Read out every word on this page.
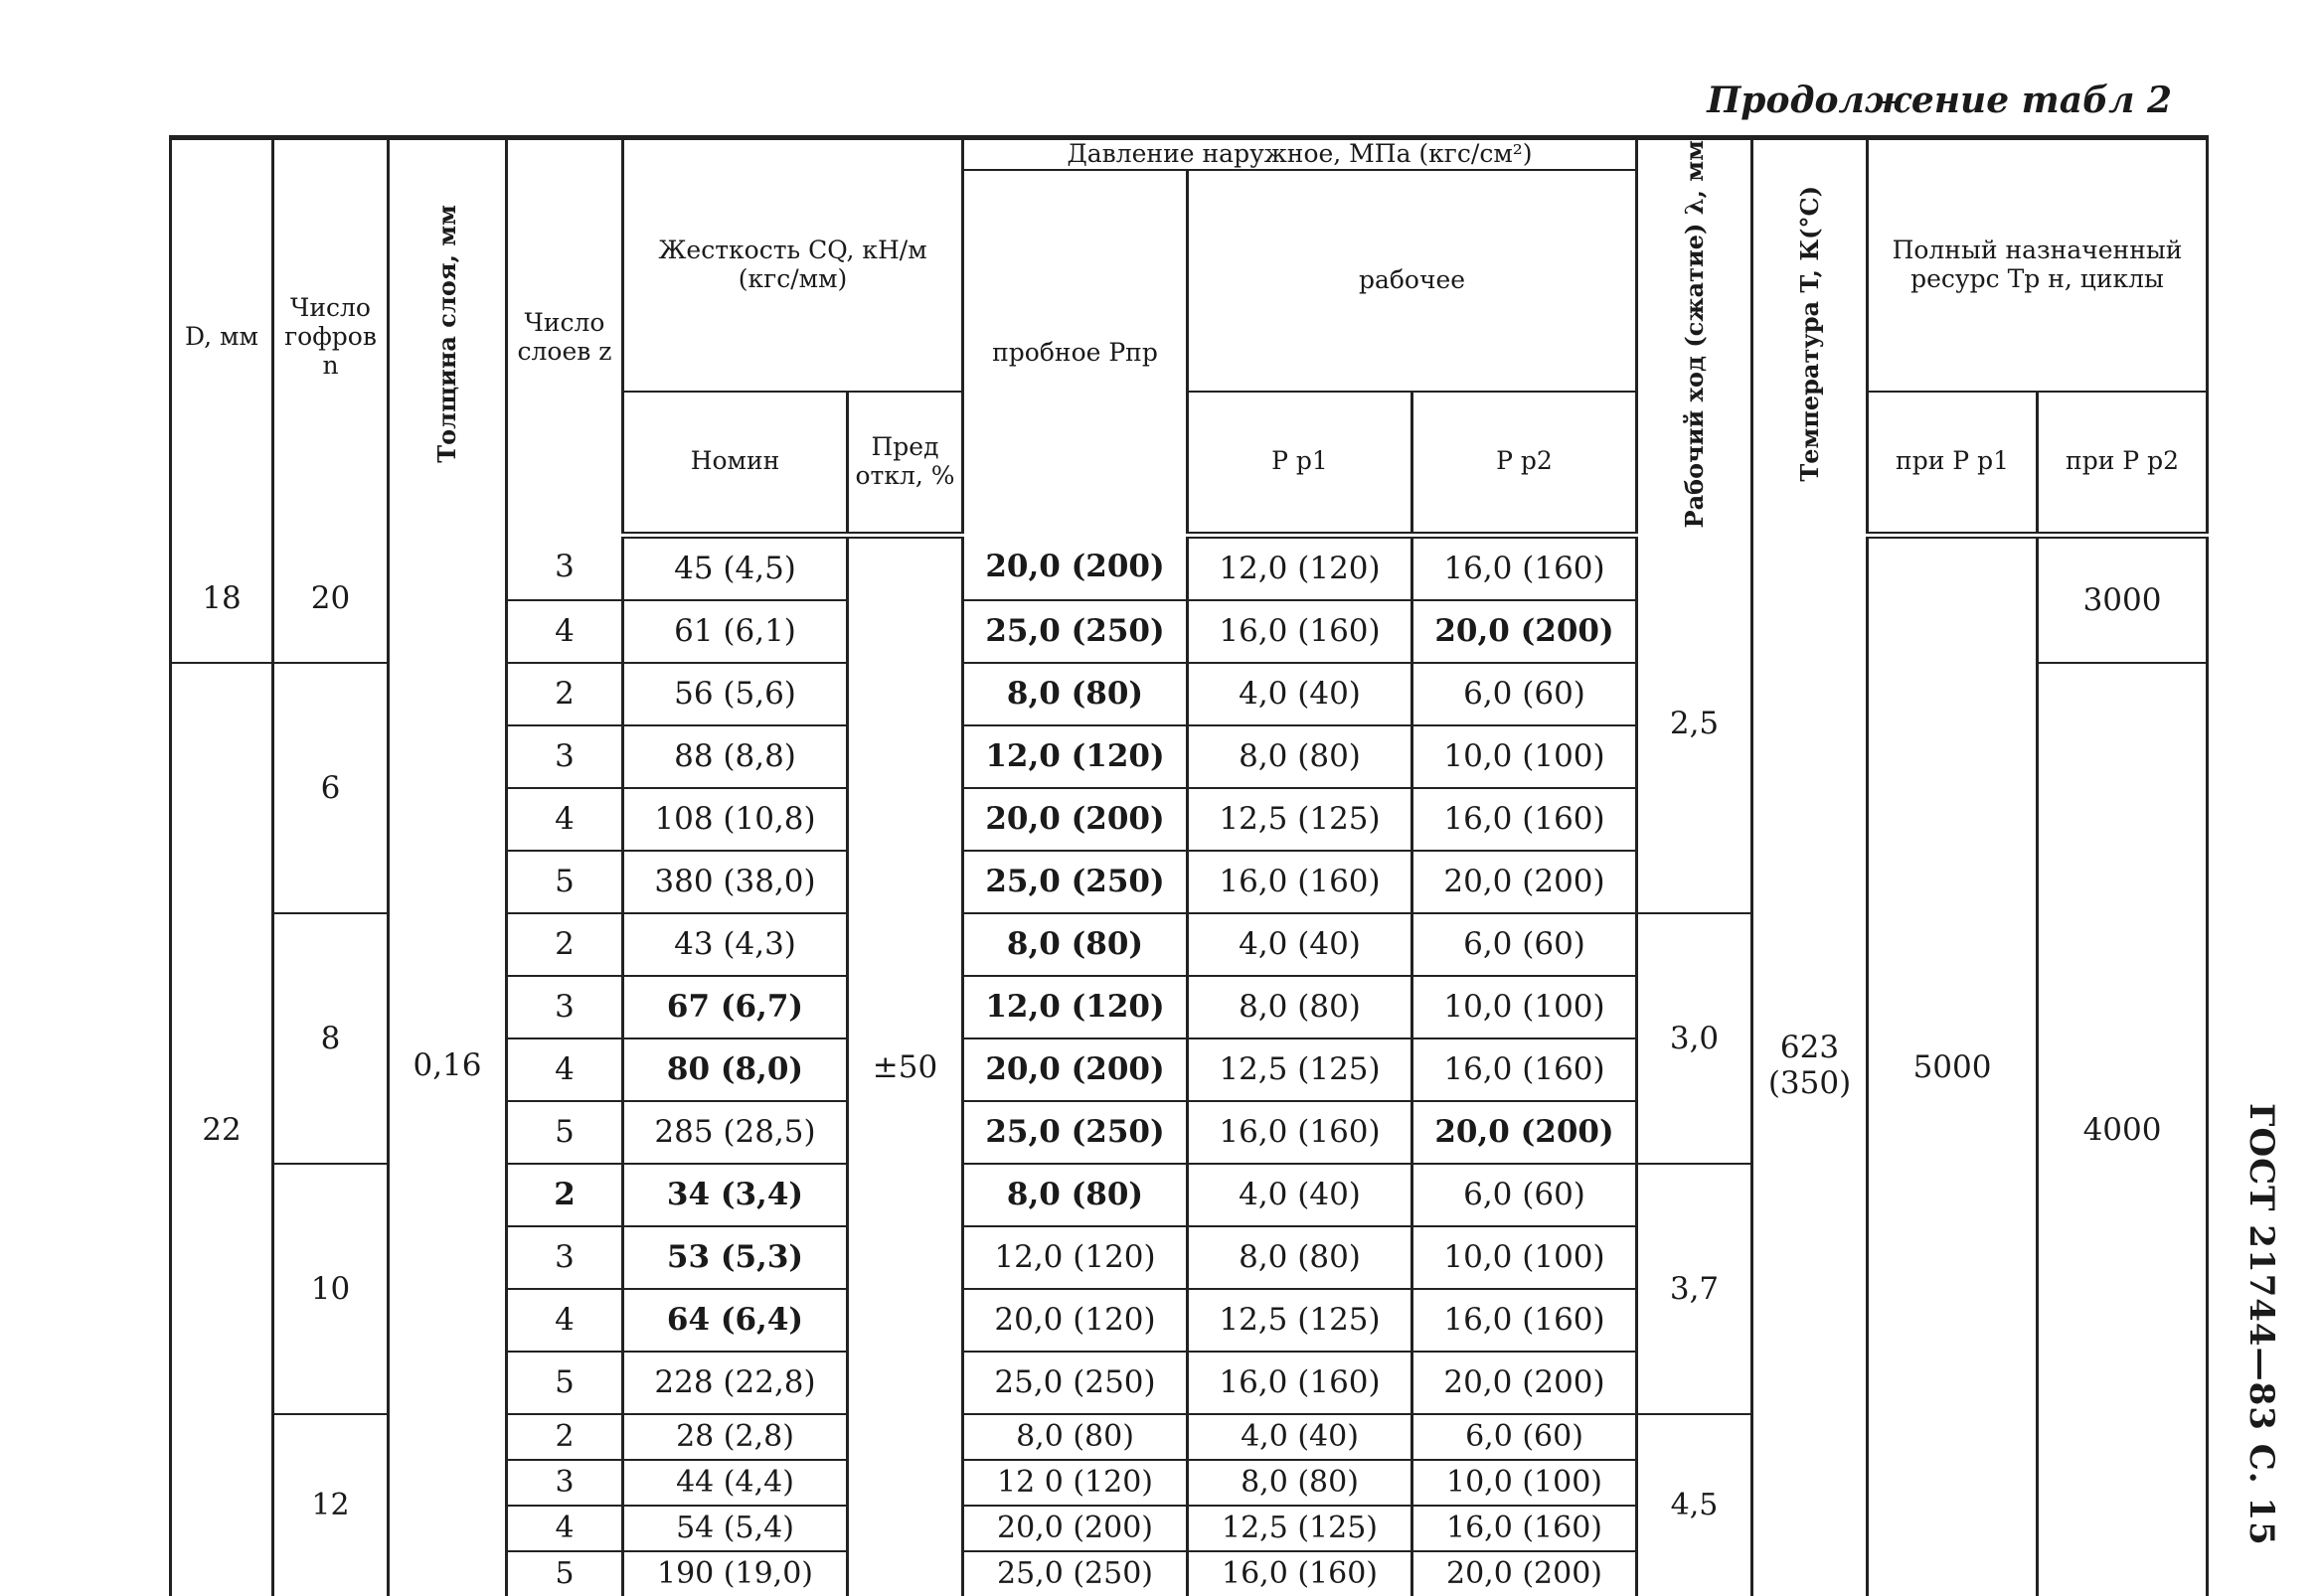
Продолжение табл 2
ГОСТ 21744—83 С. 15
D, мм	Число гофров n	Толщина слоя, мм	Число слоев z	Жесткость CQ, кН/м (кгс/мм)		Давление наружное, МПа (кгс/см²)			Рабочий ход (сжатие) λ, мм	Температура T, К(°С)	Полный назначенный ресурс Tр н, циклы	
						пробное Pпр	рабочее					
				Номин	Пред откл, %		P р1	P р2			при P р1	при P р2
18	20	0,16	3	45 (4,5)	±50	20,0 (200)	12,0 (120)	16,0 (160)	2,5	623 (350)	5000	3000
			4	61 (6,1)		25,0 (250)	16,0 (160)	20,0 (200)				
22	6		2	56 (5,6)		8,0 (80)	4,0 (40)	6,0 (60)				4000
			3	88 (8,8)		12,0 (120)	8,0 (80)	10,0 (100)				
			4	108 (10,8)		20,0 (200)	12,5 (125)	16,0 (160)				
			5	380 (38,0)		25,0 (250)	16,0 (160)	20,0 (200)				
	8		2	43 (4,3)		8,0 (80)	4,0 (40)	6,0 (60)	3,0			
			3	67 (6,7)		12,0 (120)	8,0 (80)	10,0 (100)				
			4	80 (8,0)		20,0 (200)	12,5 (125)	16,0 (160)				
			5	285 (28,5)		25,0 (250)	16,0 (160)	20,0 (200)				
	10		2	34 (3,4)		8,0 (80)	4,0 (40)	6,0 (60)	3,7			
			3	53 (5,3)		12,0 (120)	8,0 (80)	10,0 (100)				
			4	64 (6,4)		20,0 (120)	12,5 (125)	16,0 (160)				
			5	228 (22,8)		25,0 (250)	16,0 (160)	20,0 (200)				
	12		2	28 (2,8)		8,0 (80)	4,0 (40)	6,0 (60)	4,5			
			3	44 (4,4)		12 0 (120)	8,0 (80)	10,0 (100)				
			4	54 (5,4)		20,0 (200)	12,5 (125)	16,0 (160)				
			5	190 (19,0)		25,0 (250)	16,0 (160)	20,0 (200)				
